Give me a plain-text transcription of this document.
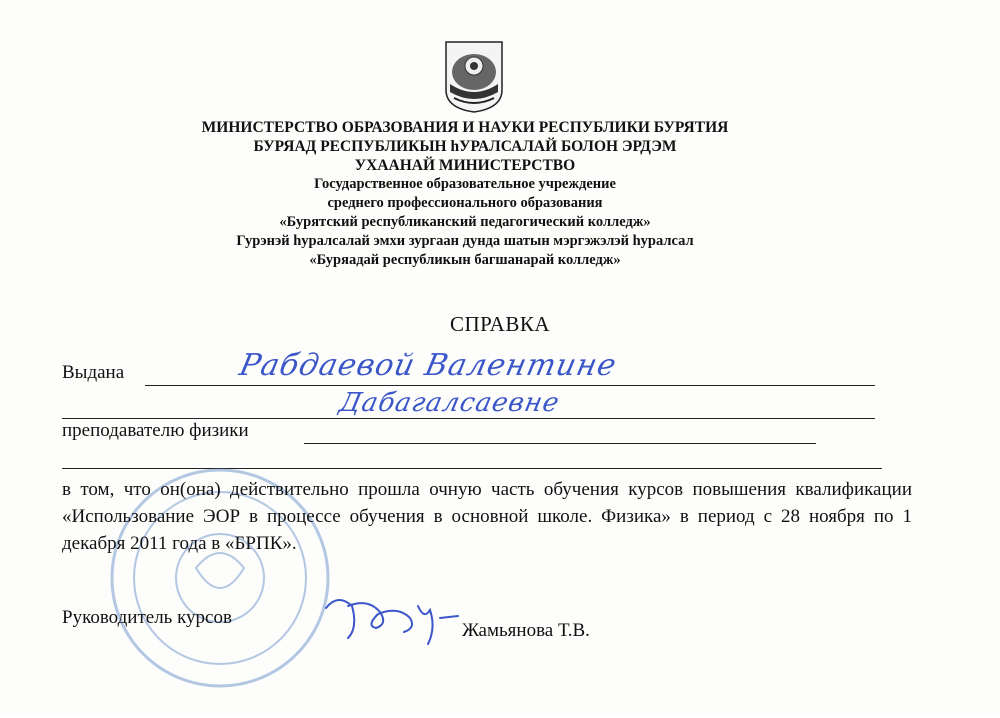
МИНИСТЕРСТВО ОБРАЗОВАНИЯ И НАУКИ РЕСПУБЛИКИ БУРЯТИЯ
БУРЯАД РЕСПУБЛИКЫН hУРАЛСАЛАЙ БОЛОН ЭРДЭМ
УХААНАЙ МИНИСТЕРСТВО
Государственное образовательное учреждение
среднего профессионального образования
«Бурятский республиканский педагогический колледж»
Гурэнэй hуралсалай эмхи зургаан дунда шатын мэргэжэлэй hуралсал
«Буряадай республикын багшанарай колледж»
СПРАВКА
Выдана	Рабдаевой Валентине
Дабагалсаевне
преподавателю физики
в том, что он(она) действительно прошла очную часть обучения курсов повышения квалификации «Использование ЭОР в процессе обучения в основной школе. Физика» в период с 28 ноября по 1 декабря 2011 года в «БРПК».
Руководитель курсов
Жамьянова Т.В.
